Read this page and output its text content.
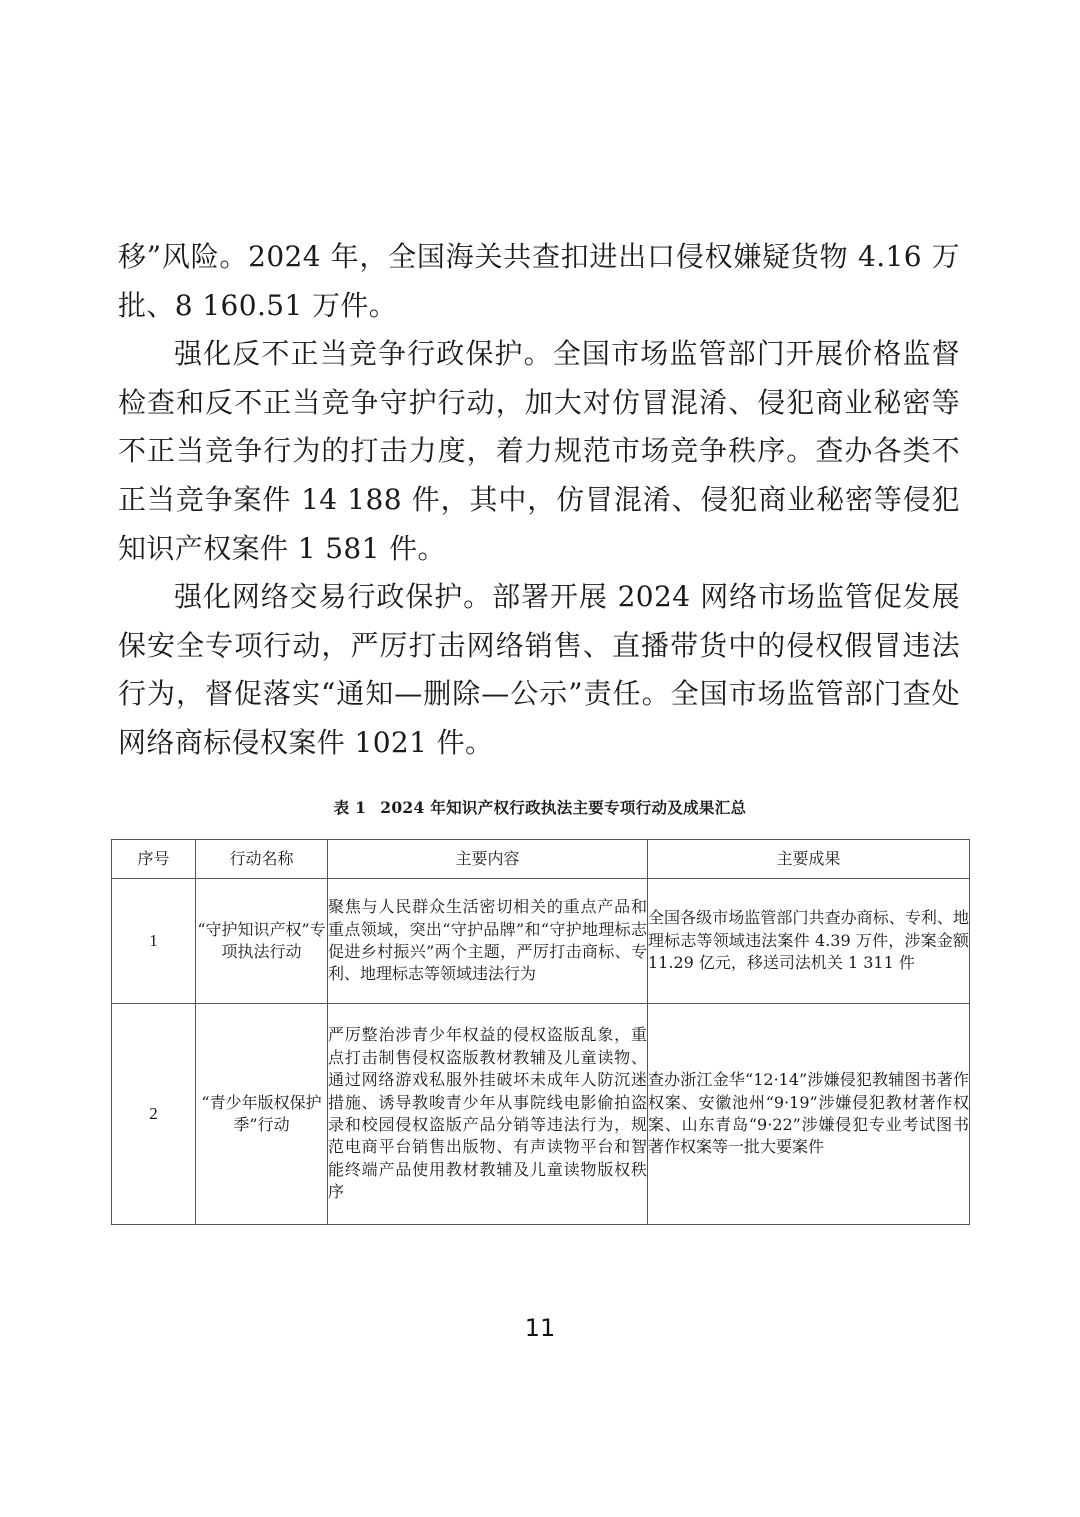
移”风险。2024 年，全国海关共查扣进出口侵权嫌疑货物 4.16 万批、8 160.51 万件。

强化反不正当竞争行政保护。全国市场监管部门开展价格监督检查和反不正当竞争守护行动，加大对仿冒混淆、侵犯商业秘密等不正当竞争行为的打击力度，着力规范市场竞争秩序。查办各类不正当竞争案件 14 188 件，其中，仿冒混淆、侵犯商业秘密等侵犯知识产权案件 1 581 件。

强化网络交易行政保护。部署开展 2024 网络市场监管促发展保安全专项行动，严厉打击网络销售、直播带货中的侵权假冒违法行为，督促落实“通知—删除—公示”责任。全国市场监管部门查处网络商标侵权案件 1021 件。

表 1 2024 年知识产权行政执法主要专项行动及成果汇总
序号	行动名称	主要内容	主要成果
1	“守护知识产权”专项执法行动	聚焦与人民群众生活密切相关的重点产品和重点领域，突出“守护品牌”和“守护地理标志促进乡村振兴”两个主题，严厉打击商标、专利、地理标志等领域违法行为	全国各级市场监管部门共查办商标、专利、地理标志等领域违法案件 4.39 万件，涉案金额 11.29 亿元，移送司法机关 1 311 件
2	“青少年版权保护季”行动	严厉整治涉青少年权益的侵权盗版乱象，重点打击制售侵权盗版教材教辅及儿童读物、通过网络游戏私服外挂破坏未成年人防沉迷措施、诱导教唆青少年从事院线电影偷拍盗录和校园侵权盗版产品分销等违法行为，规范电商平台销售出版物、有声读物平台和智能终端产品使用教材教辅及儿童读物版权秩序	查办浙江金华“12·14”涉嫌侵犯教辅图书著作权案、安徽池州“9·19”涉嫌侵犯教材著作权案、山东青岛“9·22”涉嫌侵犯专业考试图书著作权案等一批大要案件
11
